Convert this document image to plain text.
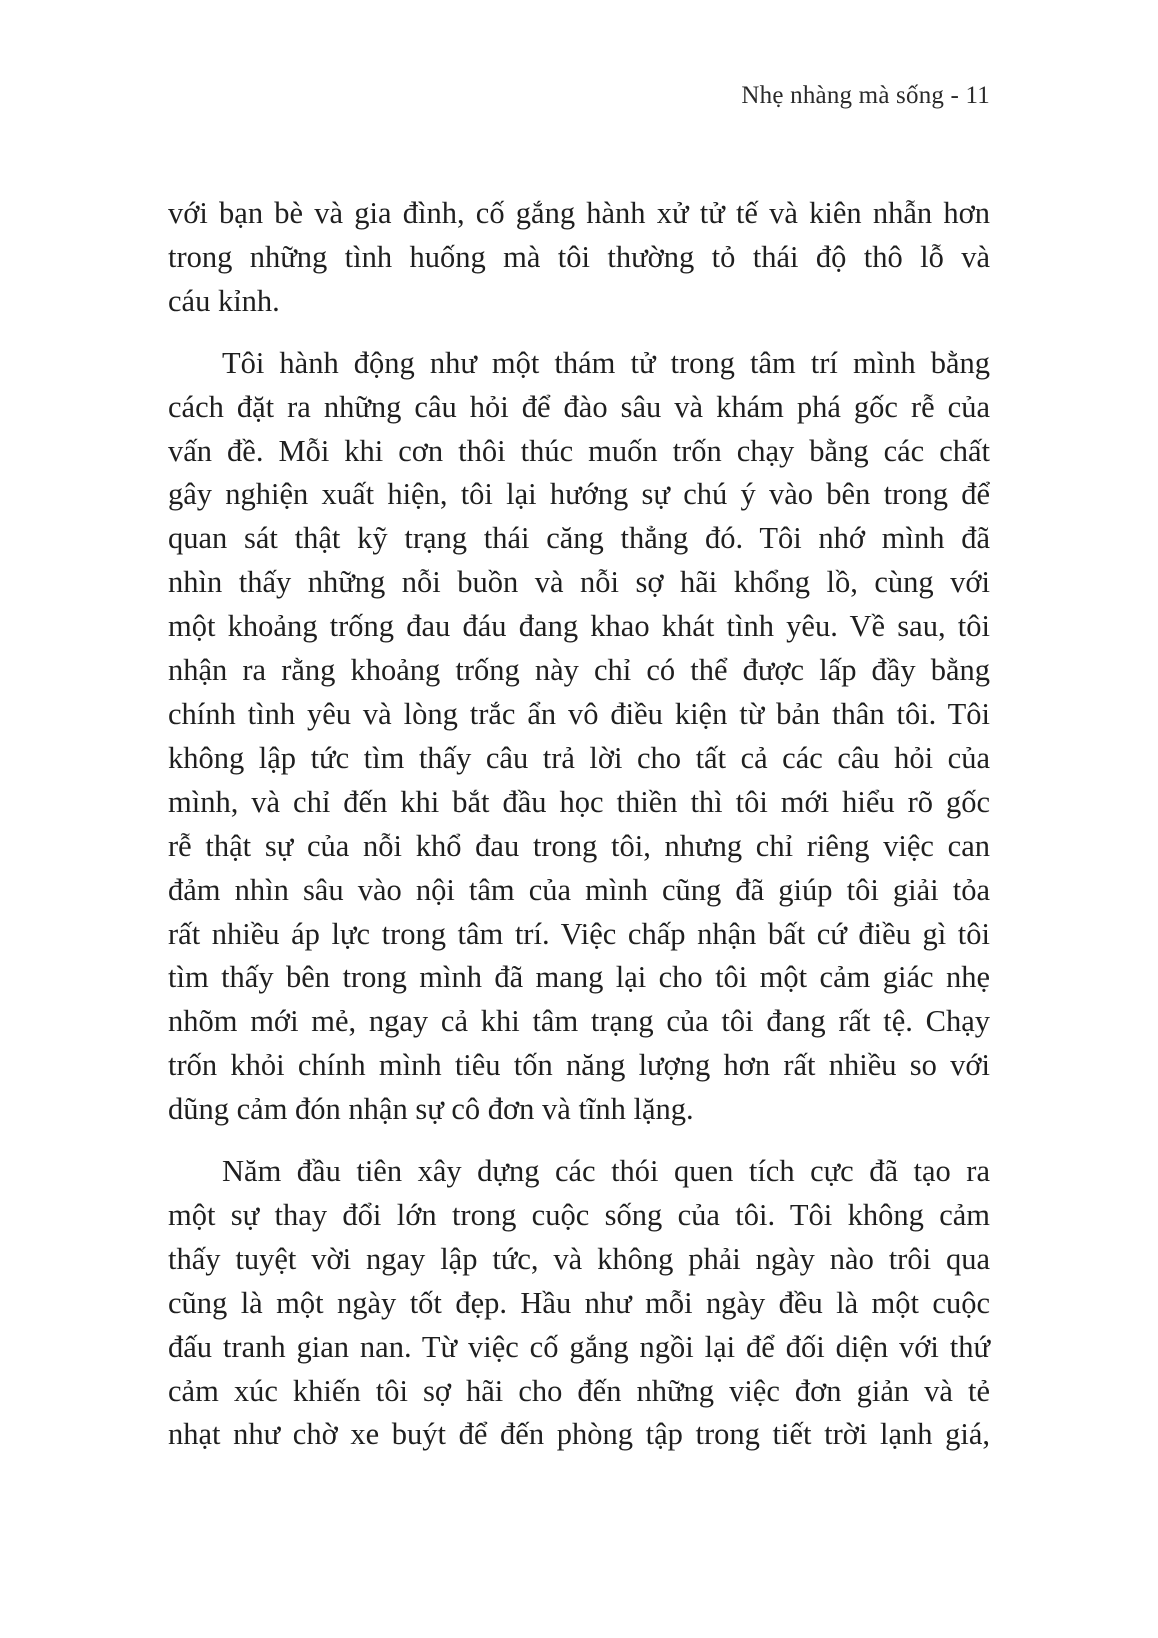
Nhẹ nhàng mà sống - 11

với bạn bè và gia đình, cố gắng hành xử tử tế và kiên nhẫn hơn
trong những tình huống mà tôi thường tỏ thái độ thô lỗ và
cáu kỉnh.

Tôi hành động như một thám tử trong tâm trí mình bằng
cách đặt ra những câu hỏi để đào sâu và khám phá gốc rễ của
vấn đề. Mỗi khi cơn thôi thúc muốn trốn chạy bằng các chất
gây nghiện xuất hiện, tôi lại hướng sự chú ý vào bên trong để
quan sát thật kỹ trạng thái căng thẳng đó. Tôi nhớ mình đã
nhìn thấy những nỗi buồn và nỗi sợ hãi khổng lồ, cùng với
một khoảng trống đau đáu đang khao khát tình yêu. Về sau, tôi
nhận ra rằng khoảng trống này chỉ có thể được lấp đầy bằng
chính tình yêu và lòng trắc ẩn vô điều kiện từ bản thân tôi. Tôi
không lập tức tìm thấy câu trả lời cho tất cả các câu hỏi của
mình, và chỉ đến khi bắt đầu học thiền thì tôi mới hiểu rõ gốc
rễ thật sự của nỗi khổ đau trong tôi, nhưng chỉ riêng việc can
đảm nhìn sâu vào nội tâm của mình cũng đã giúp tôi giải tỏa
rất nhiều áp lực trong tâm trí. Việc chấp nhận bất cứ điều gì tôi
tìm thấy bên trong mình đã mang lại cho tôi một cảm giác nhẹ
nhõm mới mẻ, ngay cả khi tâm trạng của tôi đang rất tệ. Chạy
trốn khỏi chính mình tiêu tốn năng lượng hơn rất nhiều so với
dũng cảm đón nhận sự cô đơn và tĩnh lặng.

Năm đầu tiên xây dựng các thói quen tích cực đã tạo ra
một sự thay đổi lớn trong cuộc sống của tôi. Tôi không cảm
thấy tuyệt vời ngay lập tức, và không phải ngày nào trôi qua
cũng là một ngày tốt đẹp. Hầu như mỗi ngày đều là một cuộc
đấu tranh gian nan. Từ việc cố gắng ngồi lại để đối diện với thứ
cảm xúc khiến tôi sợ hãi cho đến những việc đơn giản và tẻ
nhạt như chờ xe buýt để đến phòng tập trong tiết trời lạnh giá,
